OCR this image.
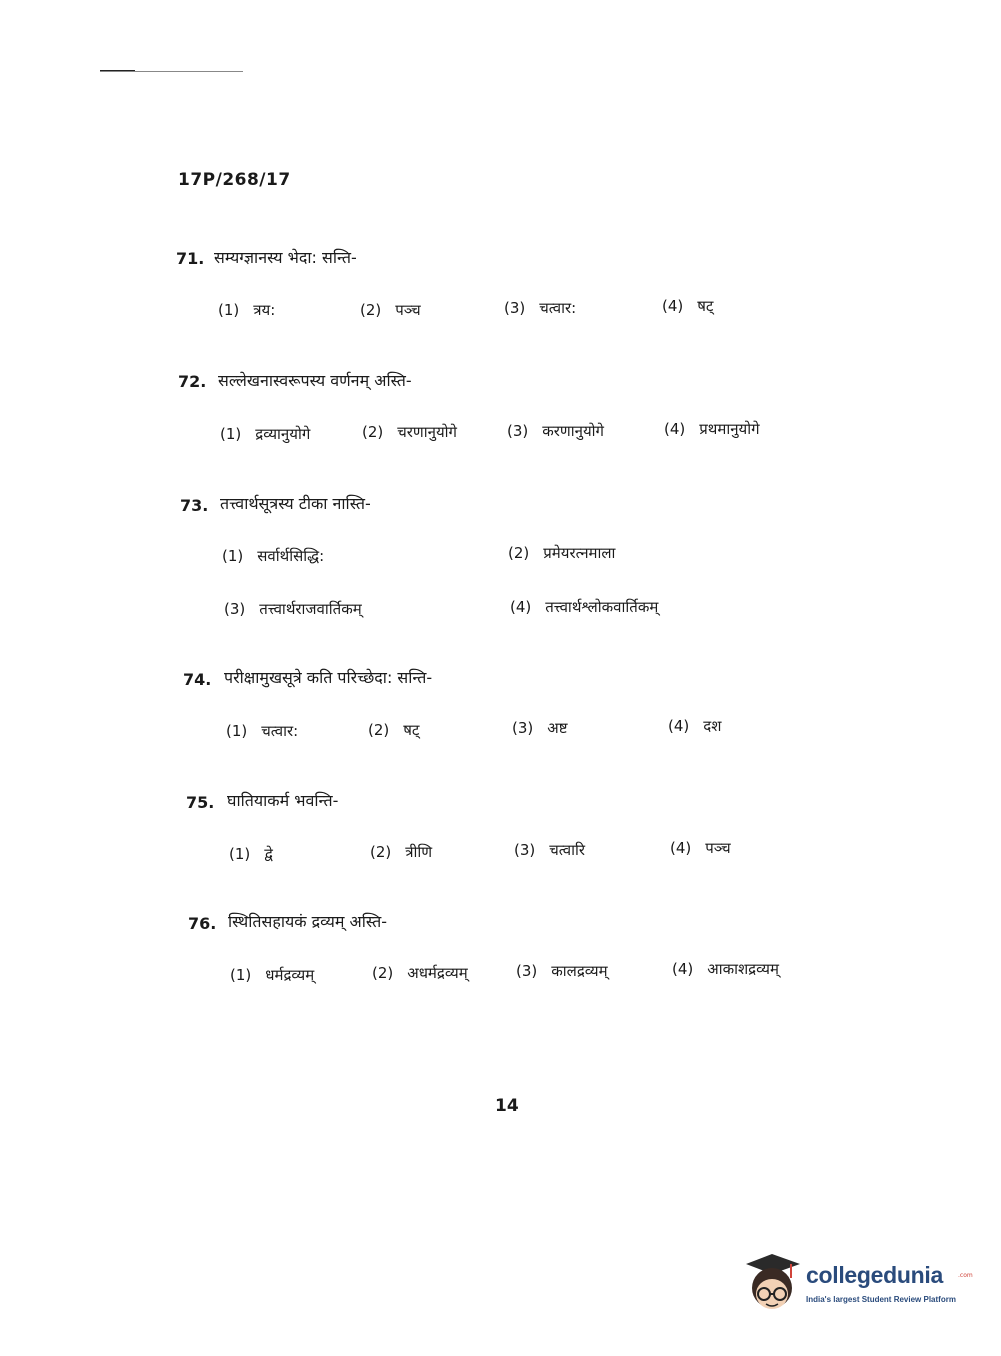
17P/268/17
71. सम्यग्ज्ञानस्य भेदा: सन्ति-
(1) त्रय:	(2) पञ्च	(3) चत्वार:	(4) षट्
72. सल्लेखनास्वरूपस्य वर्णनम् अस्ति-
(1) द्रव्यानुयोगे	(2) चरणानुयोगे	(3) करणानुयोगे	(4) प्रथमानुयोगे
73. तत्त्वार्थसूत्रस्य टीका नास्ति-
(1) सर्वार्थसिद्धि:	(2) प्रमेयरत्नमाला
(3) तत्त्वार्थराजवार्तिकम्	(4) तत्त्वार्थश्लोकवार्तिकम्
74. परीक्षामुखसूत्रे कति परिच्छेदा: सन्ति-
(1) चत्वार:	(2) षट्	(3) अष्ट	(4) दश
75. घातियाकर्म भवन्ति-
(1) द्वे	(2) त्रीणि	(3) चत्वारि	(4) पञ्च
76. स्थितिसहायकं द्रव्यम् अस्ति-
(1) धर्मद्रव्यम्	(2) अधर्मद्रव्यम्	(3) कालद्रव्यम्	(4) आकाशद्रव्यम्
14
collegedunia	.com
India's largest Student Review Platform
